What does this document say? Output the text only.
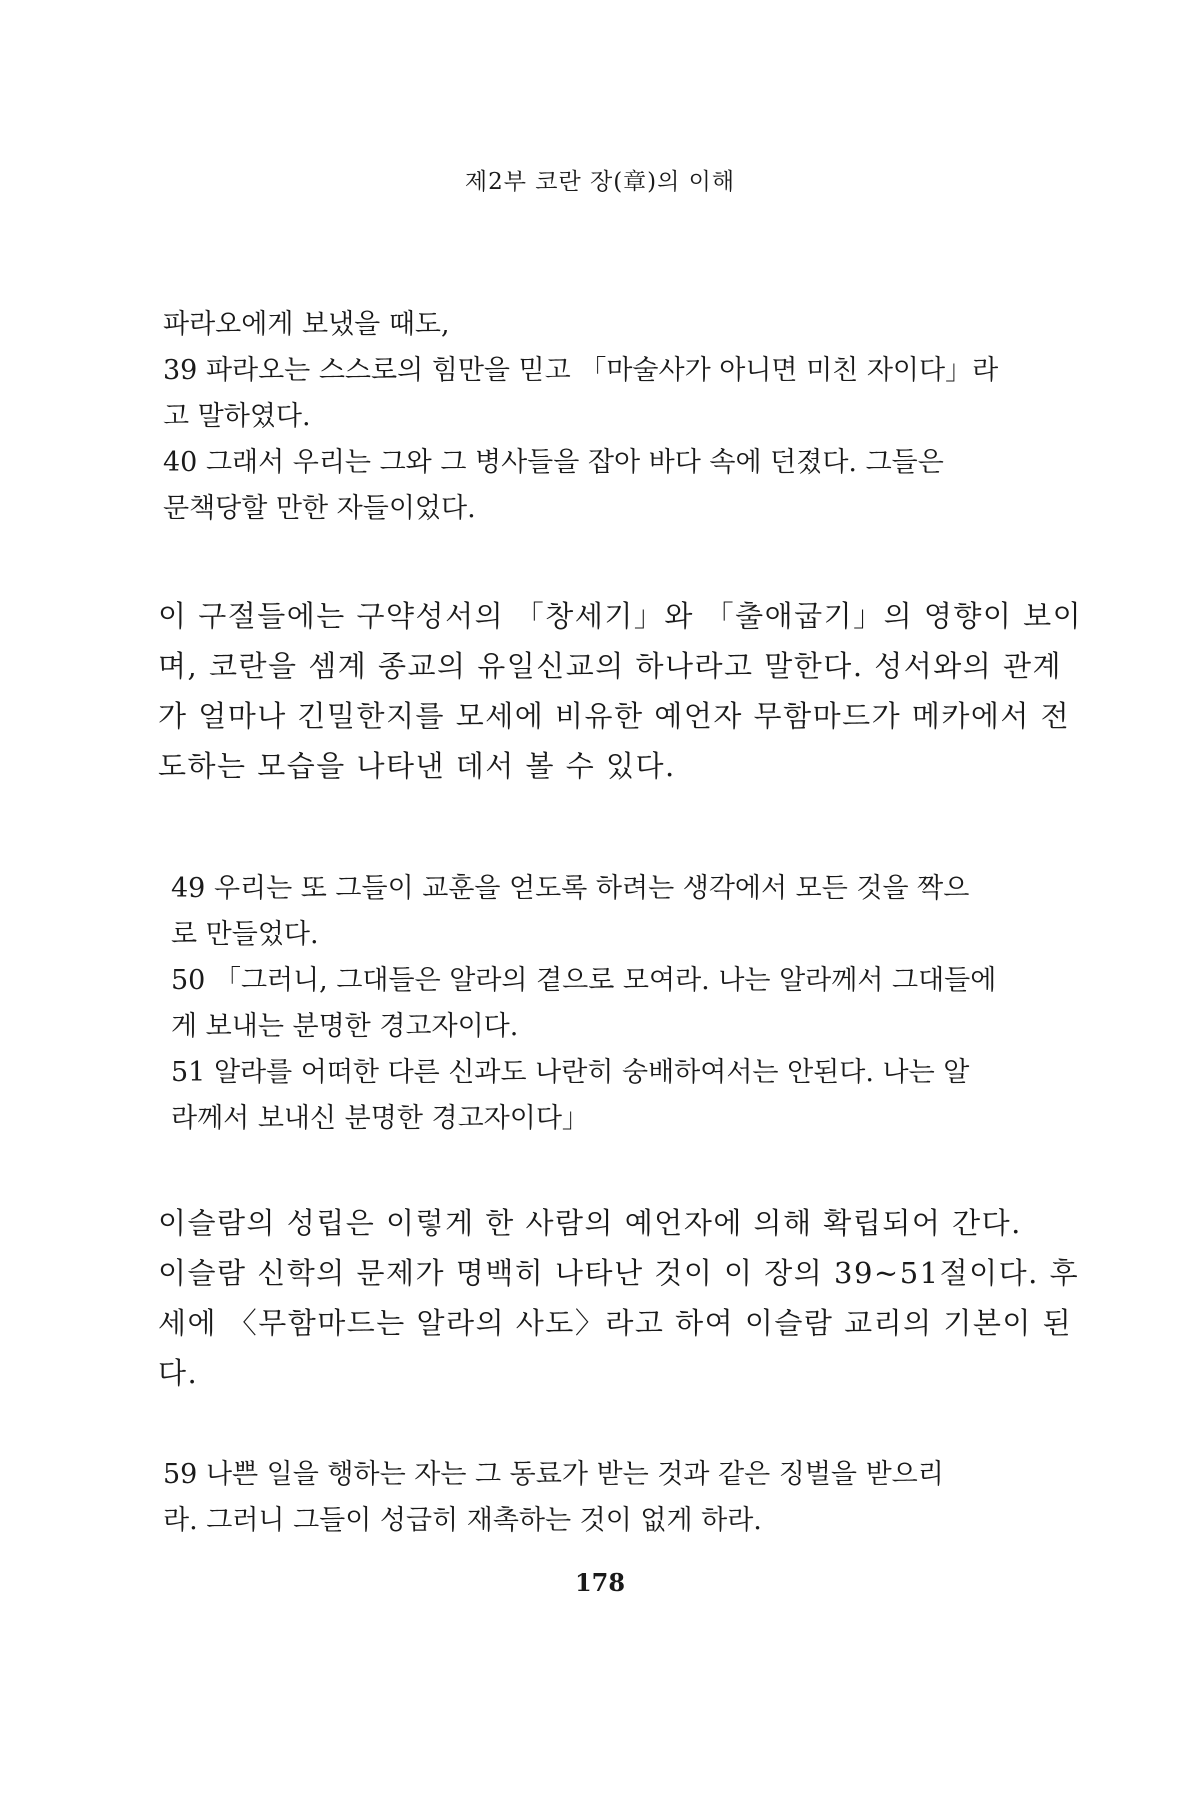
제2부 코란 장(章)의 이해

파라오에게 보냈을 때도,

39 파라오는 스스로의 힘만을 믿고 「마술사가 아니면 미친 자이다」라

고 말하였다.

40 그래서 우리는 그와 그 병사들을 잡아 바다 속에 던졌다. 그들은

문책당할 만한 자들이었다.

이 구절들에는 구약성서의 「창세기」와 「출애굽기」의 영향이 보이

며, 코란을 셈계 종교의 유일신교의 하나라고 말한다. 성서와의 관계

가 얼마나 긴밀한지를 모세에 비유한 예언자 무함마드가 메카에서 전

도하는 모습을 나타낸 데서 볼 수 있다.

49 우리는 또 그들이 교훈을 얻도록 하려는 생각에서 모든 것을 짝으

로 만들었다.

50 「그러니, 그대들은 알라의 곁으로 모여라. 나는 알라께서 그대들에

게 보내는 분명한 경고자이다.

51 알라를 어떠한 다른 신과도 나란히 숭배하여서는 안된다. 나는 알

라께서 보내신 분명한 경고자이다」

이슬람의 성립은 이렇게 한 사람의 예언자에 의해 확립되어 간다.

이슬람 신학의 문제가 명백히 나타난 것이 이 장의 39~51절이다. 후

세에 〈무함마드는 알라의 사도〉라고 하여 이슬람 교리의 기본이 된

다.

59 나쁜 일을 행하는 자는 그 동료가 받는 것과 같은 징벌을 받으리

라. 그러니 그들이 성급히 재촉하는 것이 없게 하라.

178
